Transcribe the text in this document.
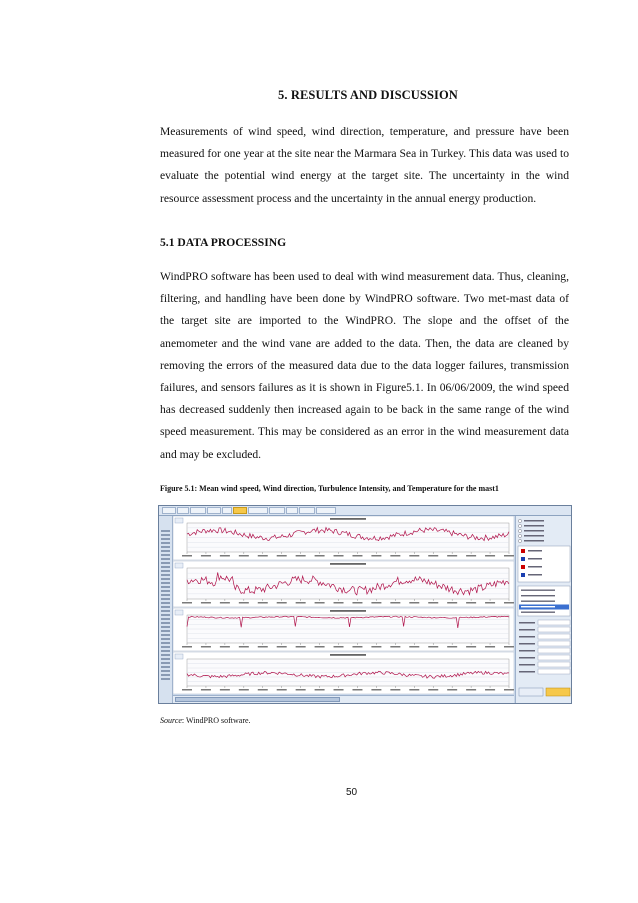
5. RESULTS AND DISCUSSION

Measurements of wind speed, wind direction, temperature, and pressure have been measured for one year at the site near the Marmara Sea in Turkey. This data was used to evaluate the potential wind energy at the target site. The uncertainty in the wind resource assessment process and the uncertainty in the annual energy production.

5.1 DATA PROCESSING

WindPRO software has been used to deal with wind measurement data. Thus, cleaning, filtering, and handling have been done by WindPRO software. Two met-mast data of the target site are imported to the WindPRO. The slope and the offset of the anemometer and the wind vane are added to the data. Then, the data are cleaned by removing the errors of the measured data due to the data logger failures, transmission failures, and sensors failures as it is shown in Figure5.1. In 06/06/2009, the wind speed has decreased suddenly then increased again to be back in the same range of the wind speed measurement. This may be considered as an error in the wind measurement data and may be excluded.

Figure 5.1: Mean wind speed, Wind direction, Turbulence Intensity, and Temperature for the mast1
Source: WindPRO software.
50
